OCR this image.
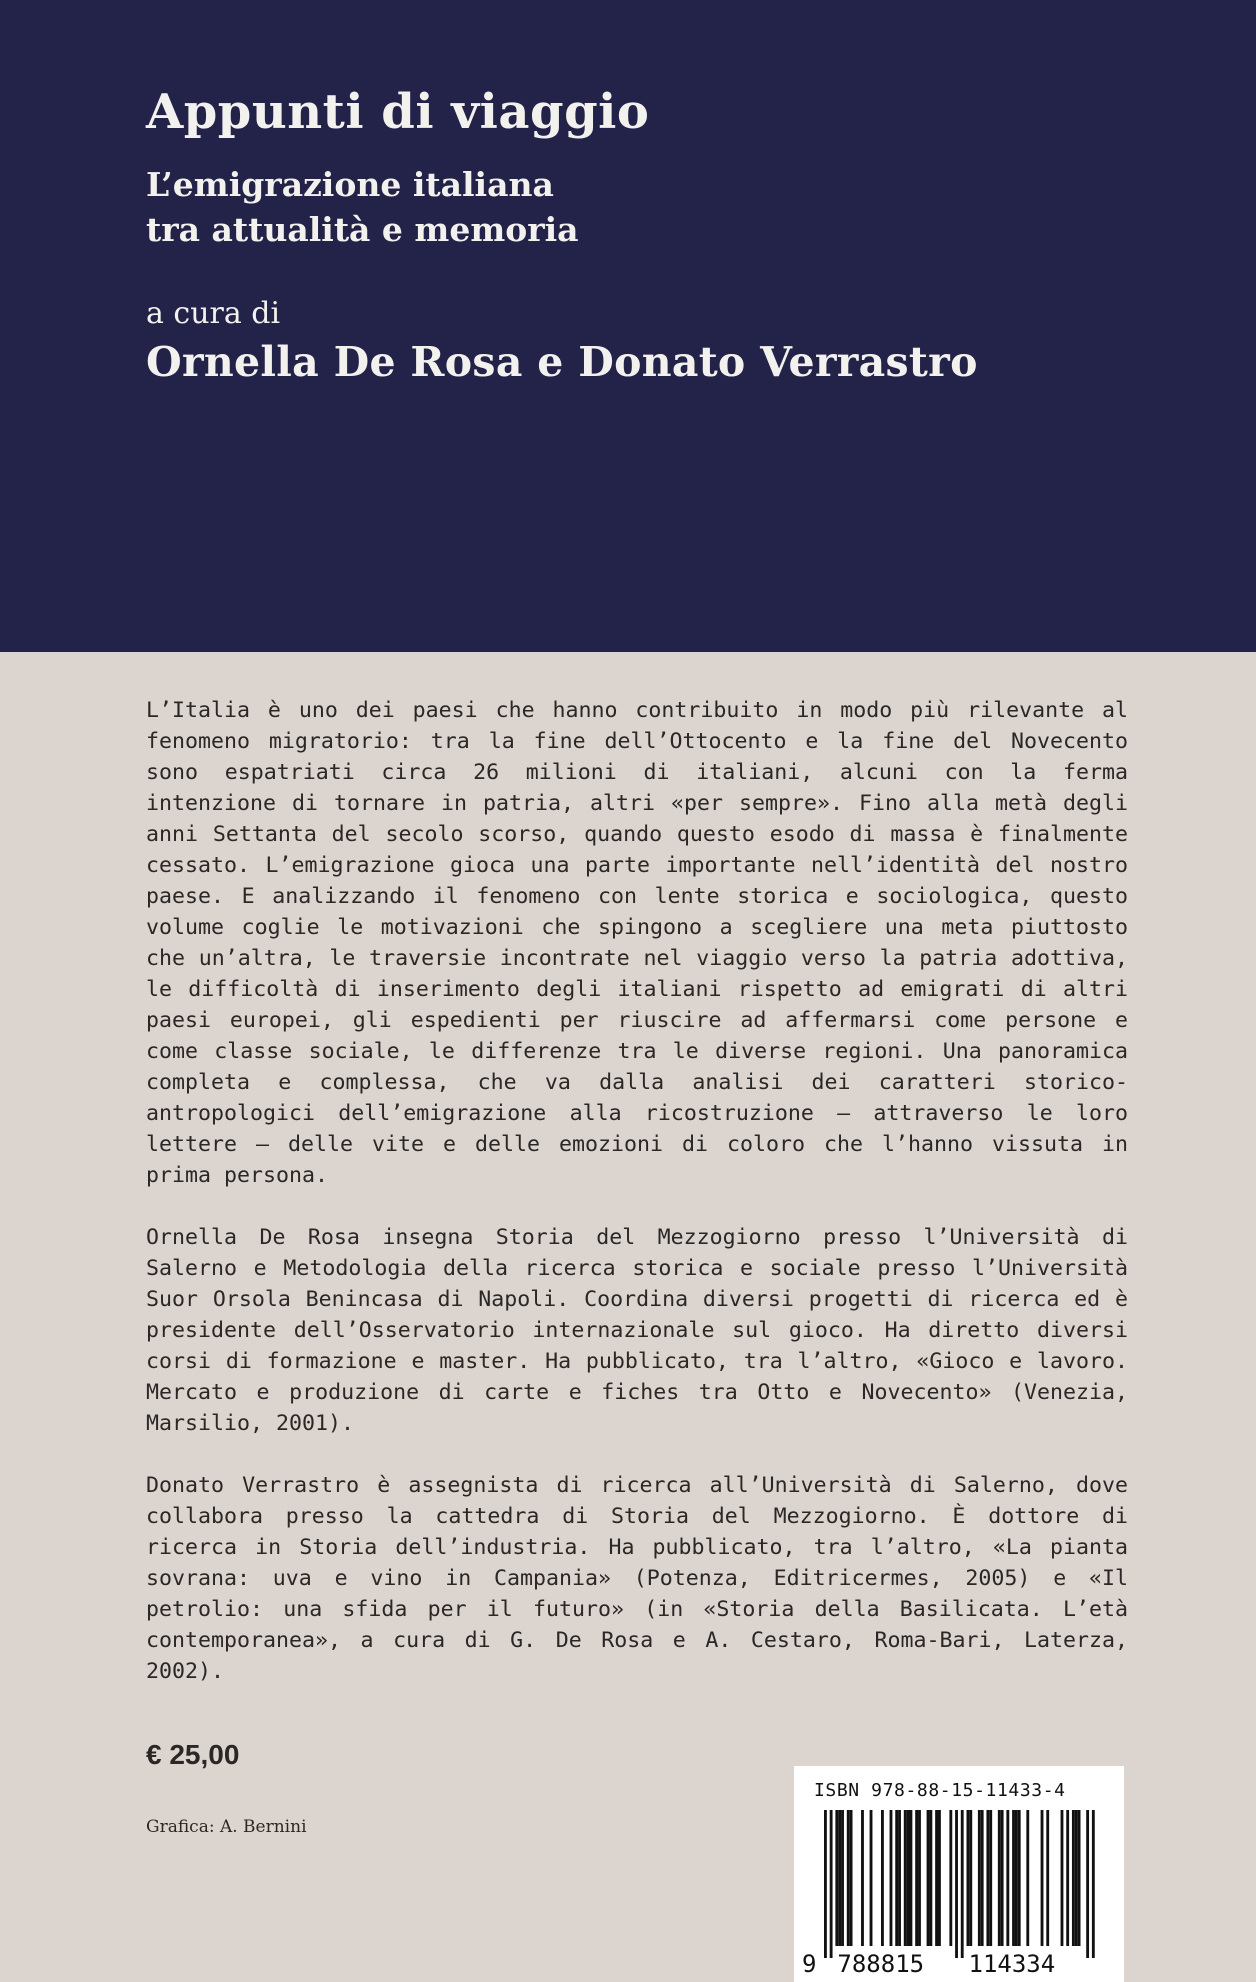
Appunti di viaggio
L’emigrazione italiana
tra attualità e memoria
a cura di
Ornella De Rosa e Donato Verrastro

L’Italia è uno dei paesi che hanno contribuito in modo più rilevante al fenomeno migratorio: tra la fine dell’Ottocento e la fine del Novecento sono espatriati circa 26 milioni di italiani, alcuni con la ferma intenzione di tornare in patria, altri «per sempre». Fino alla metà degli anni Settanta del secolo scorso, quando questo esodo di massa è finalmente cessato. L’emigrazione gioca una parte importante nell’identità del nostro paese. E analizzando il fenomeno con lente storica e sociologica, questo volume coglie le motivazioni che spingono a scegliere una meta piuttosto che un’altra, le traversie incontrate nel viaggio verso la patria adottiva, le difficoltà di inserimento degli italiani rispetto ad emigrati di altri paesi europei, gli espedienti per riuscire ad affermarsi come persone e come classe sociale, le differenze tra le diverse regioni. Una panoramica completa e complessa, che va dalla analisi dei caratteri storico-antropologici dell’emigrazione alla ricostruzione – attraverso le loro lettere – delle vite e delle emozioni di coloro che l’hanno vissuta in prima persona.

Ornella De Rosa insegna Storia del Mezzogiorno presso l’Università di Salerno e Metodologia della ricerca storica e sociale presso l’Università Suor Orsola Benincasa di Napoli. Coordina diversi progetti di ricerca ed è presidente dell’Osservatorio internazionale sul gioco. Ha diretto diversi corsi di formazione e master. Ha pubblicato, tra l’altro, «Gioco e lavoro. Mercato e produzione di carte e fiches tra Otto e Novecento» (Venezia, Marsilio, 2001).

Donato Verrastro è assegnista di ricerca all’Università di Salerno, dove collabora presso la cattedra di Storia del Mezzogiorno. È dottore di ricerca in Storia dell’industria. Ha pubblicato, tra l’altro, «La pianta sovrana: uva e vino in Campania» (Potenza, Editricermes, 2005) e «Il petrolio: una sfida per il futuro» (in «Storia della Basilicata. L’età contemporanea», a cura di G. De Rosa e A. Cestaro, Roma-Bari, Laterza, 2002).

€ 25,00
Grafica: A. Bernini
ISBN 978-88-15-11433-4
9 788815 114334
